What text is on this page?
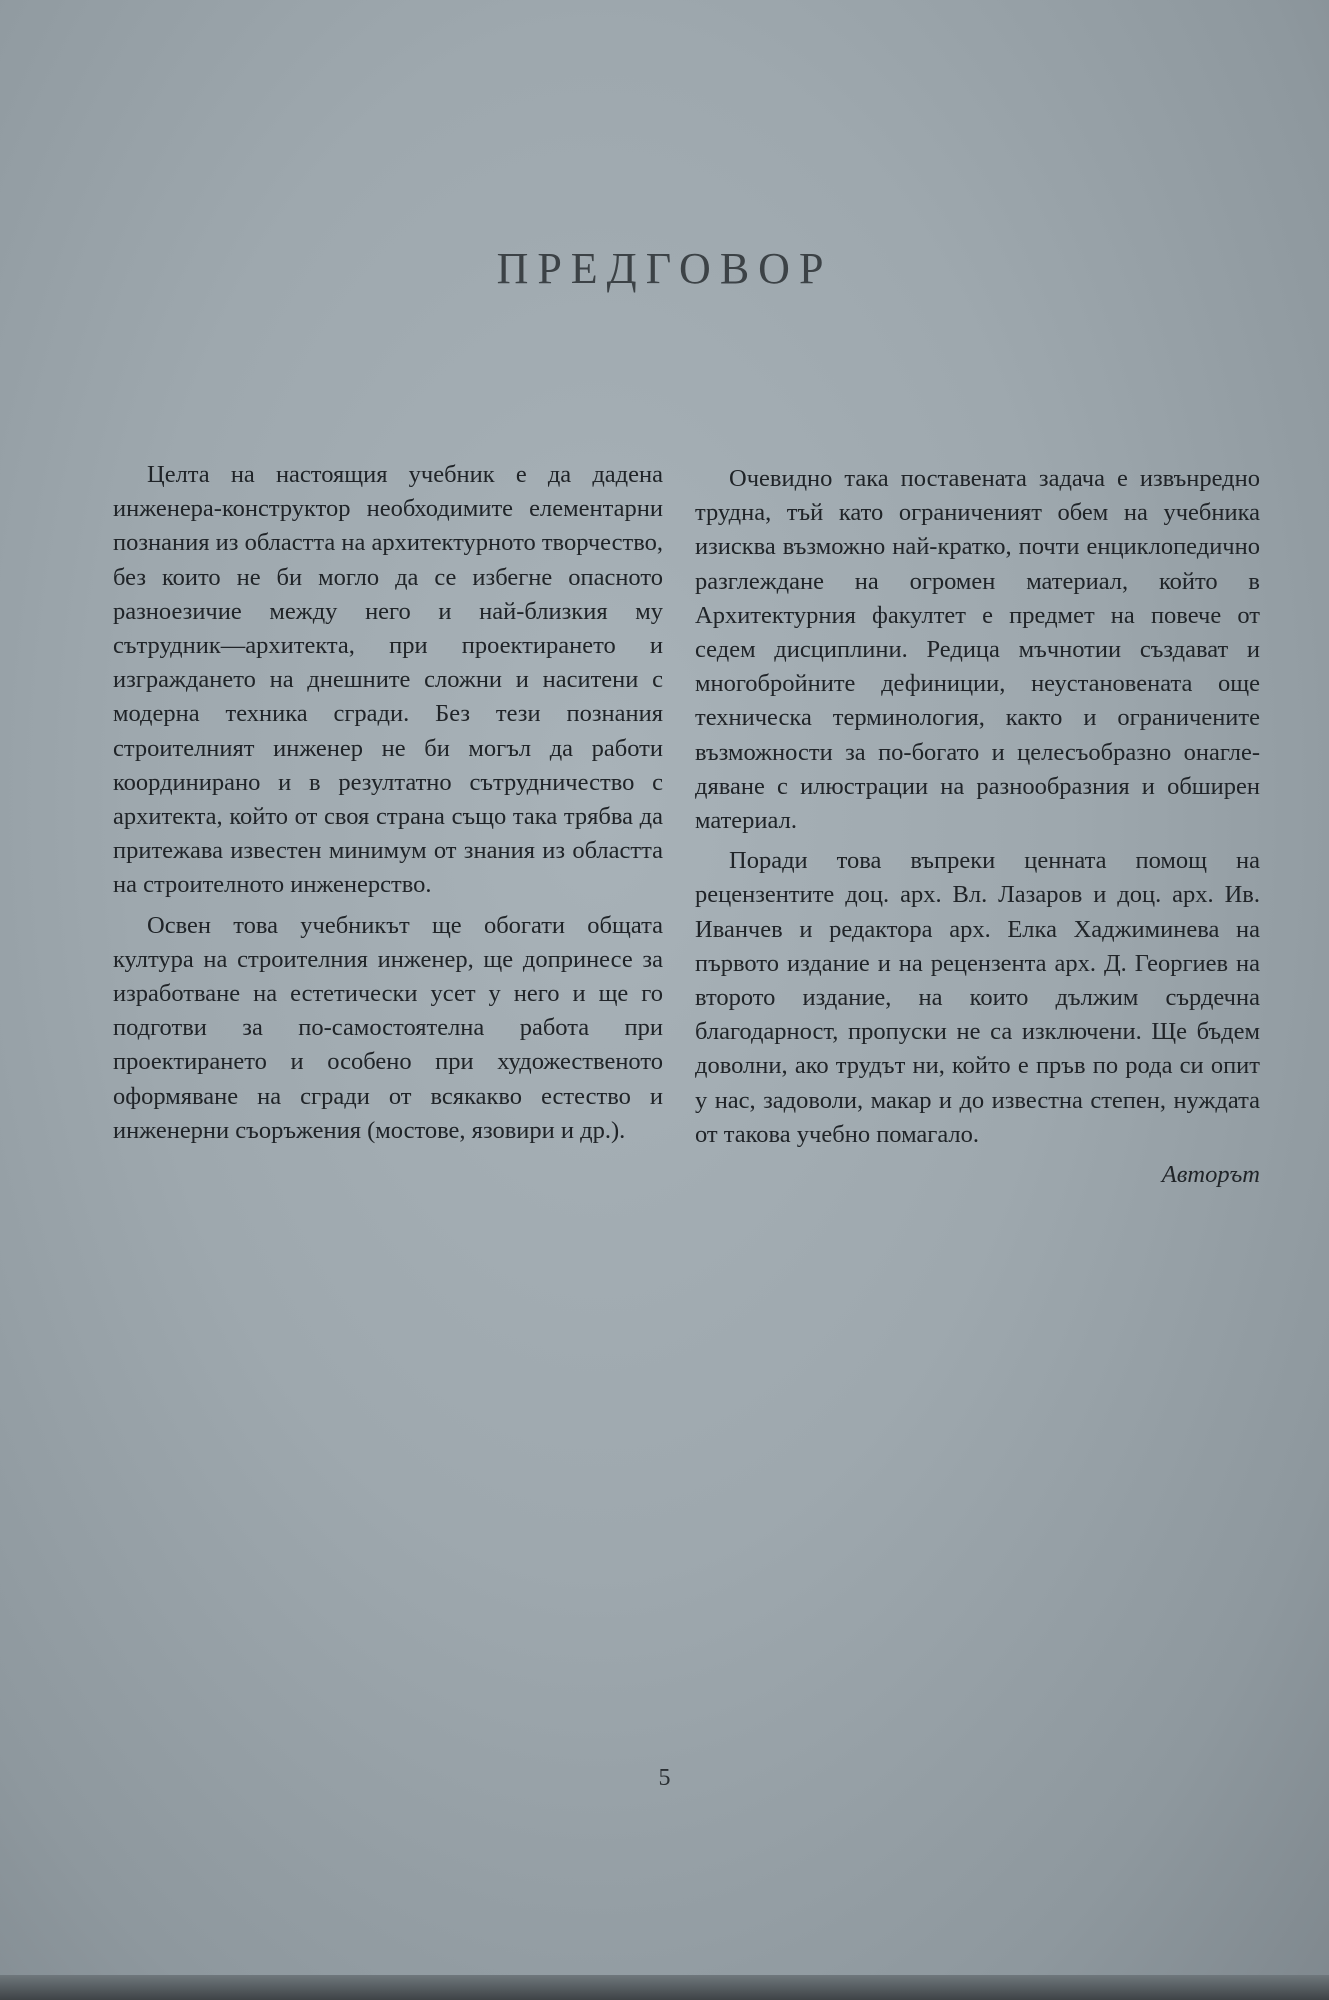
ПРЕДГОВОР

Целта на настоящия учебник е да дадена инженера-конструктор необходимите елементарни познания из областта на архитектурното творчество, без които не би могло да се избегне опасното разноезичие между него и най-близкия му сътрудник—архитекта, при проектирането и изграждането на днешните сложни и наситени с модерна техника сгради. Без тези познания строителният инженер не би могъл да работи координирано и в резултатно сътрудничество с архитекта, който от своя страна също така трябва да притежава известен минимум от знания из областта на строителното инженерство.

Освен това учебникът ще обогати общата култура на строителния инженер, ще допринесе за изработване на естетически усет у него и ще го подготви за по-самостоятелна работа при проектирането и особено при художественото оформяване на сгради от всякакво естество и инженерни съоръжения (мостове, язовири и др.).

Очевидно така поставената задача е извънредно трудна, тъй като ограниченият обем на учебника изисква възможно най-кратко, почти енциклопедично разглеждане на огромен материал, който в Архитектурния факултет е предмет на повече от седем дисциплини. Редица мъчнотии създават и многобройните дефиниции, неустановената още техническа терминология, както и ограничените възможности за по-богато и целесъобразно онагледяване с илюстрации на разнообразния и обширен материал.

Поради това въпреки ценната помощ на рецензентите доц. арх. Вл. Лазаров и доц. арх. Ив. Иванчев и редактора арх. Елка Хаджиминева на първото издание и на рецензента арх. Д. Георгиев на второто издание, на които дължим сърдечна благодарност, пропуски не са изключени. Ще бъдем доволни, ако трудът ни, който е пръв по рода си опит у нас, задоволи, макар и до известна степен, нуждата от такова учебно помагало.

Авторът

5
